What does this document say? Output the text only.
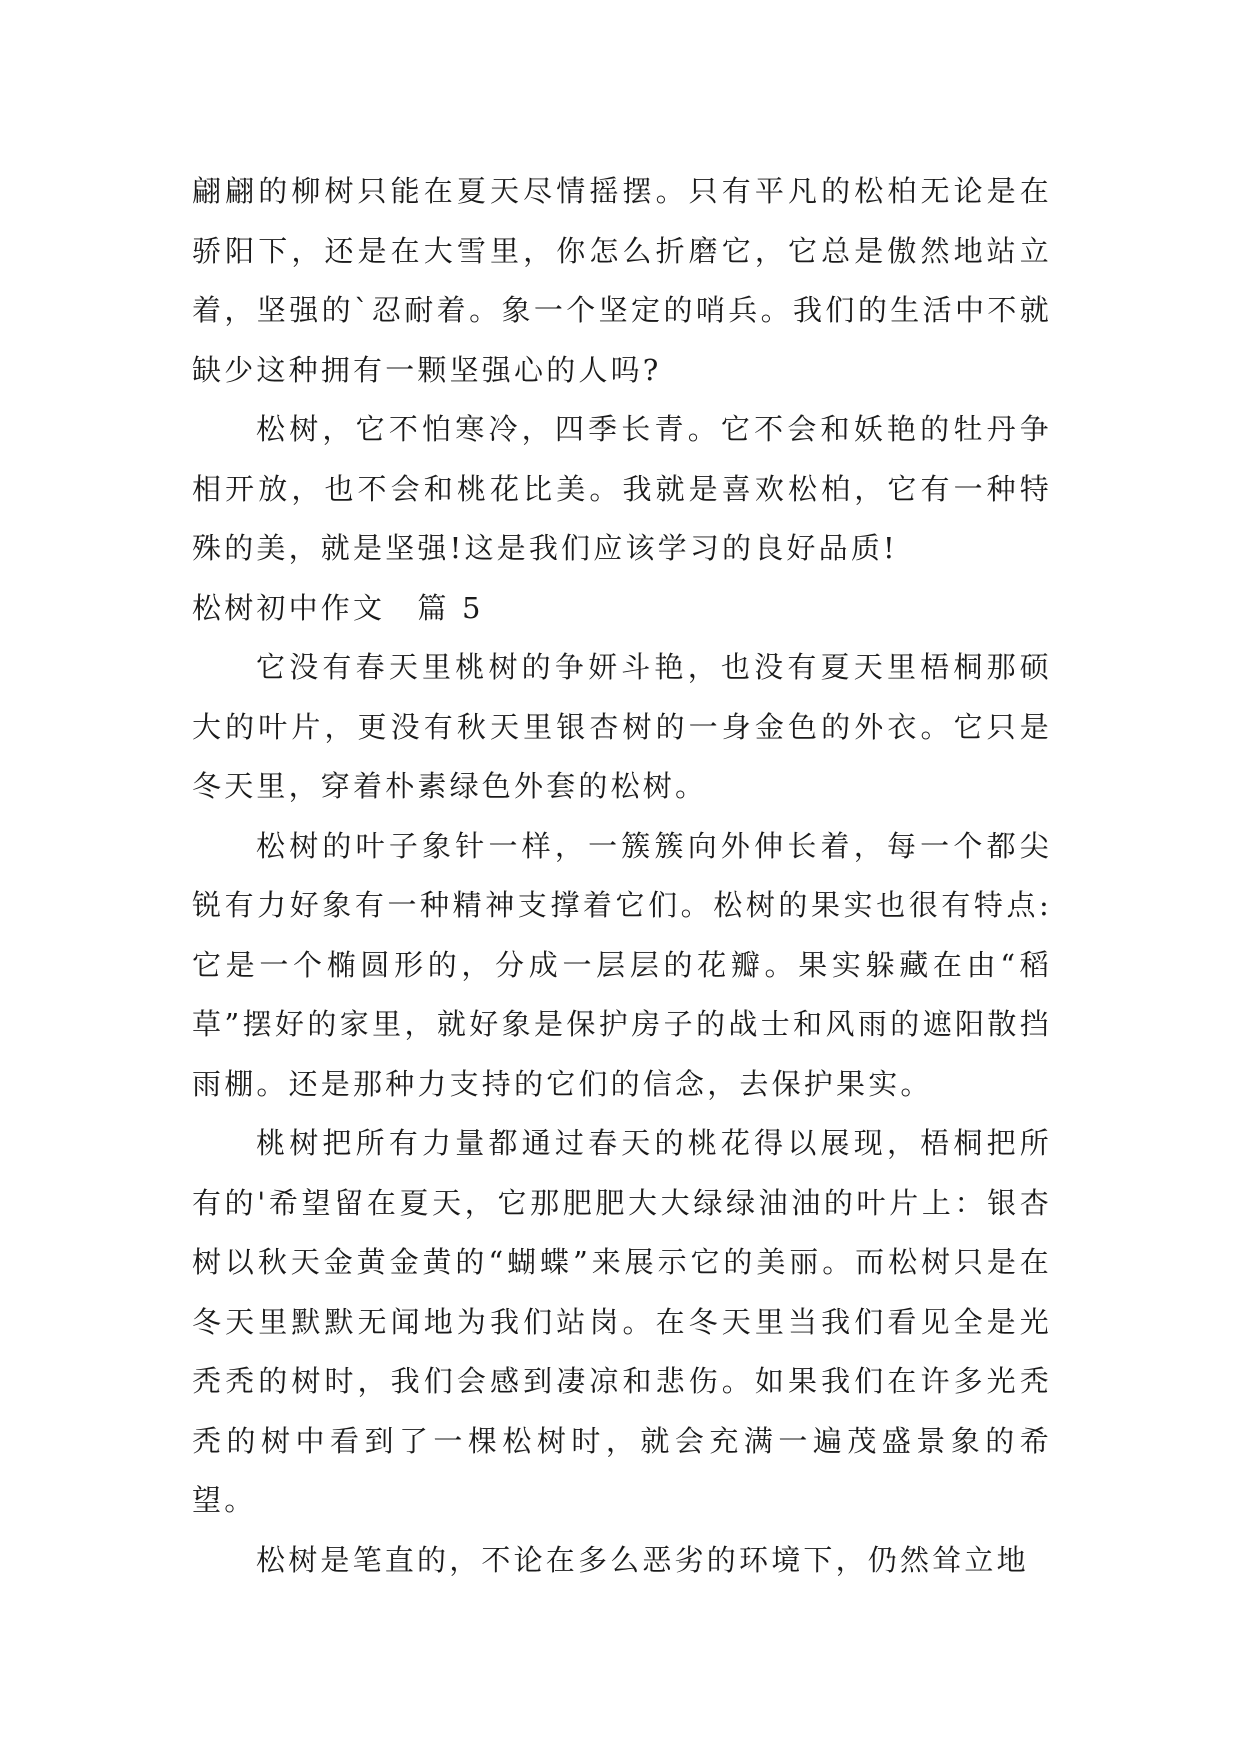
翩翩的柳树只能在夏天尽情摇摆。只有平凡的松柏无论是在骄阳下，还是在大雪里，你怎么折磨它，它总是傲然地站立着，坚强的`忍耐着。象一个坚定的哨兵。我们的生活中不就缺少这种拥有一颗坚强心的人吗?

松树，它不怕寒冷，四季长青。它不会和妖艳的牡丹争相开放，也不会和桃花比美。我就是喜欢松柏，它有一种特殊的美，就是坚强!这是我们应该学习的良好品质!

松树初中作文　篇 5

它没有春天里桃树的争妍斗艳，也没有夏天里梧桐那硕大的叶片，更没有秋天里银杏树的一身金色的外衣。它只是冬天里，穿着朴素绿色外套的松树。

松树的叶子象针一样，一簇簇向外伸长着，每一个都尖锐有力好象有一种精神支撑着它们。松树的果实也很有特点:它是一个椭圆形的，分成一层层的花瓣。果实躲藏在由“稻草”摆好的家里，就好象是保护房子的战士和风雨的遮阳散挡雨棚。还是那种力支持的它们的信念，去保护果实。

桃树把所有力量都通过春天的桃花得以展现，梧桐把所有的'希望留在夏天，它那肥肥大大绿绿油油的叶片上：银杏树以秋天金黄金黄的“蝴蝶”来展示它的美丽。而松树只是在冬天里默默无闻地为我们站岗。在冬天里当我们看见全是光秃秃的树时，我们会感到凄凉和悲伤。如果我们在许多光秃秃的树中看到了一棵松树时，就会充满一遍茂盛景象的希望。

松树是笔直的，不论在多么恶劣的环境下，仍然耸立地
